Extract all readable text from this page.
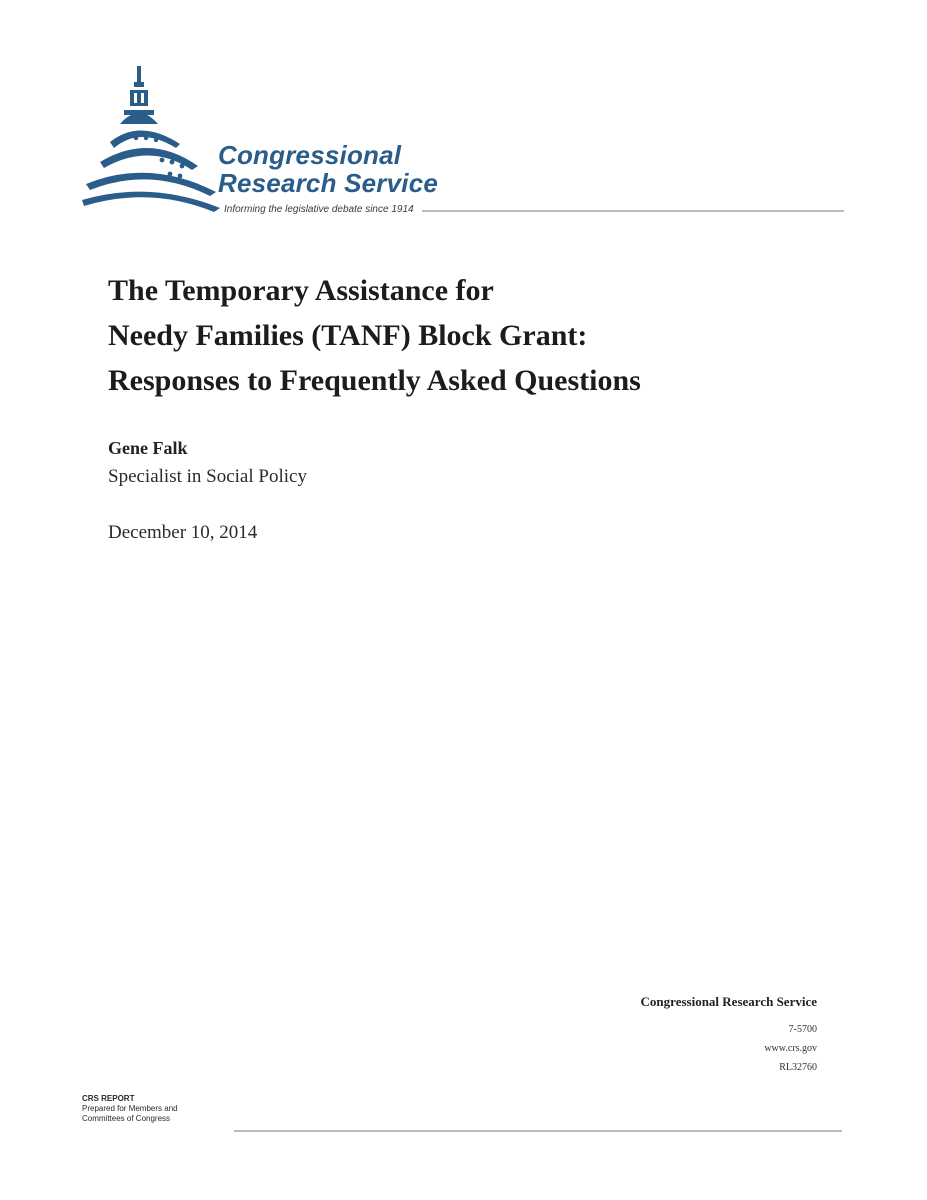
Congressional
Research Service
Informing the legislative debate since 1914
The Temporary Assistance for
Needy Families (TANF) Block Grant:
Responses to Frequently Asked Questions
Gene Falk
Specialist in Social Policy
December 10, 2014
Congressional Research Service
7-5700
www.crs.gov
RL32760
CRS REPORT
Prepared for Members and
Committees of Congress
